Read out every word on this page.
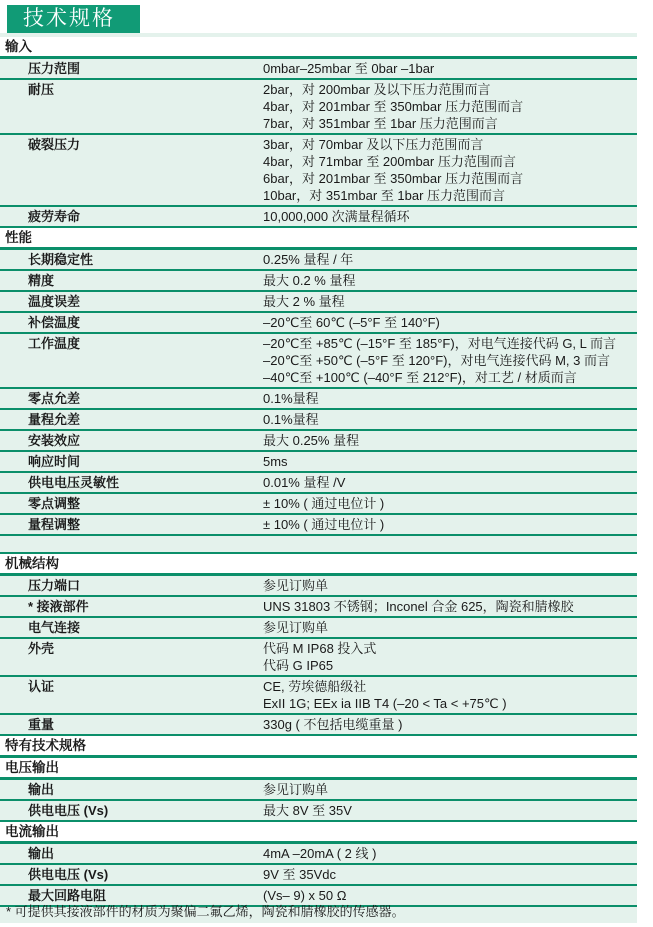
技术规格
输入
压力范围	0mbar–25mbar 至 0bar –1bar
耐压	2bar，对 200mbar 及以下压力范围而言
4bar，对 201mbar 至 350mbar 压力范围而言
7bar，对 351mbar 至 1bar 压力范围而言
破裂压力	3bar，对 70mbar 及以下压力范围而言
4bar，对 71mbar 至 200mbar 压力范围而言
6bar，对 201mbar 至 350mbar 压力范围而言
10bar，对 351mbar 至 1bar 压力范围而言
疲劳寿命	10,000,000 次满量程循环
性能
长期稳定性	0.25% 量程 / 年
精度	最大 0.2 % 量程
温度误差	最大 2 % 量程
补偿温度	–20℃至 60℃ (–5°F 至 140°F)
工作温度	–20℃至 +85℃ (–15°F 至 185°F)，对电气连接代码 G, L 而言
–20℃至 +50℃ (–5°F 至 120°F)，对电气连接代码 M, 3 而言
–40℃至 +100℃ (–40°F 至 212°F)，对工艺 / 材质而言
零点允差	0.1%量程
量程允差	0.1%量程
安装效应	最大 0.25% 量程
响应时间	5ms
供电电压灵敏性	0.01% 量程 /V
零点调整	± 10% ( 通过电位计 )
量程调整	± 10% ( 通过电位计 )
机械结构
压力端口	参见订购单
* 接液部件	UNS 31803 不锈钢；Inconel 合金 625，陶瓷和腈橡胶
电气连接	参见订购单
外壳	代码 M IP68 投入式
代码 G IP65
认证	CE, 劳埃德船级社
ExII 1G; EEx ia IIB T4 (–20 < Ta < +75℃ )
重量	330g ( 不包括电缆重量 )
特有技术规格
电压输出
输出	参见订购单
供电电压 (Vs)	最大 8V 至 35V
电流输出
输出	4mA –20mA ( 2 线 )
供电电压 (Vs)	9V 至 35Vdc
最大回路电阻	(Vs– 9) x 50 Ω
* 可提供其接液部件的材质为聚偏二氟乙烯，陶瓷和腈橡胶的传感器。
